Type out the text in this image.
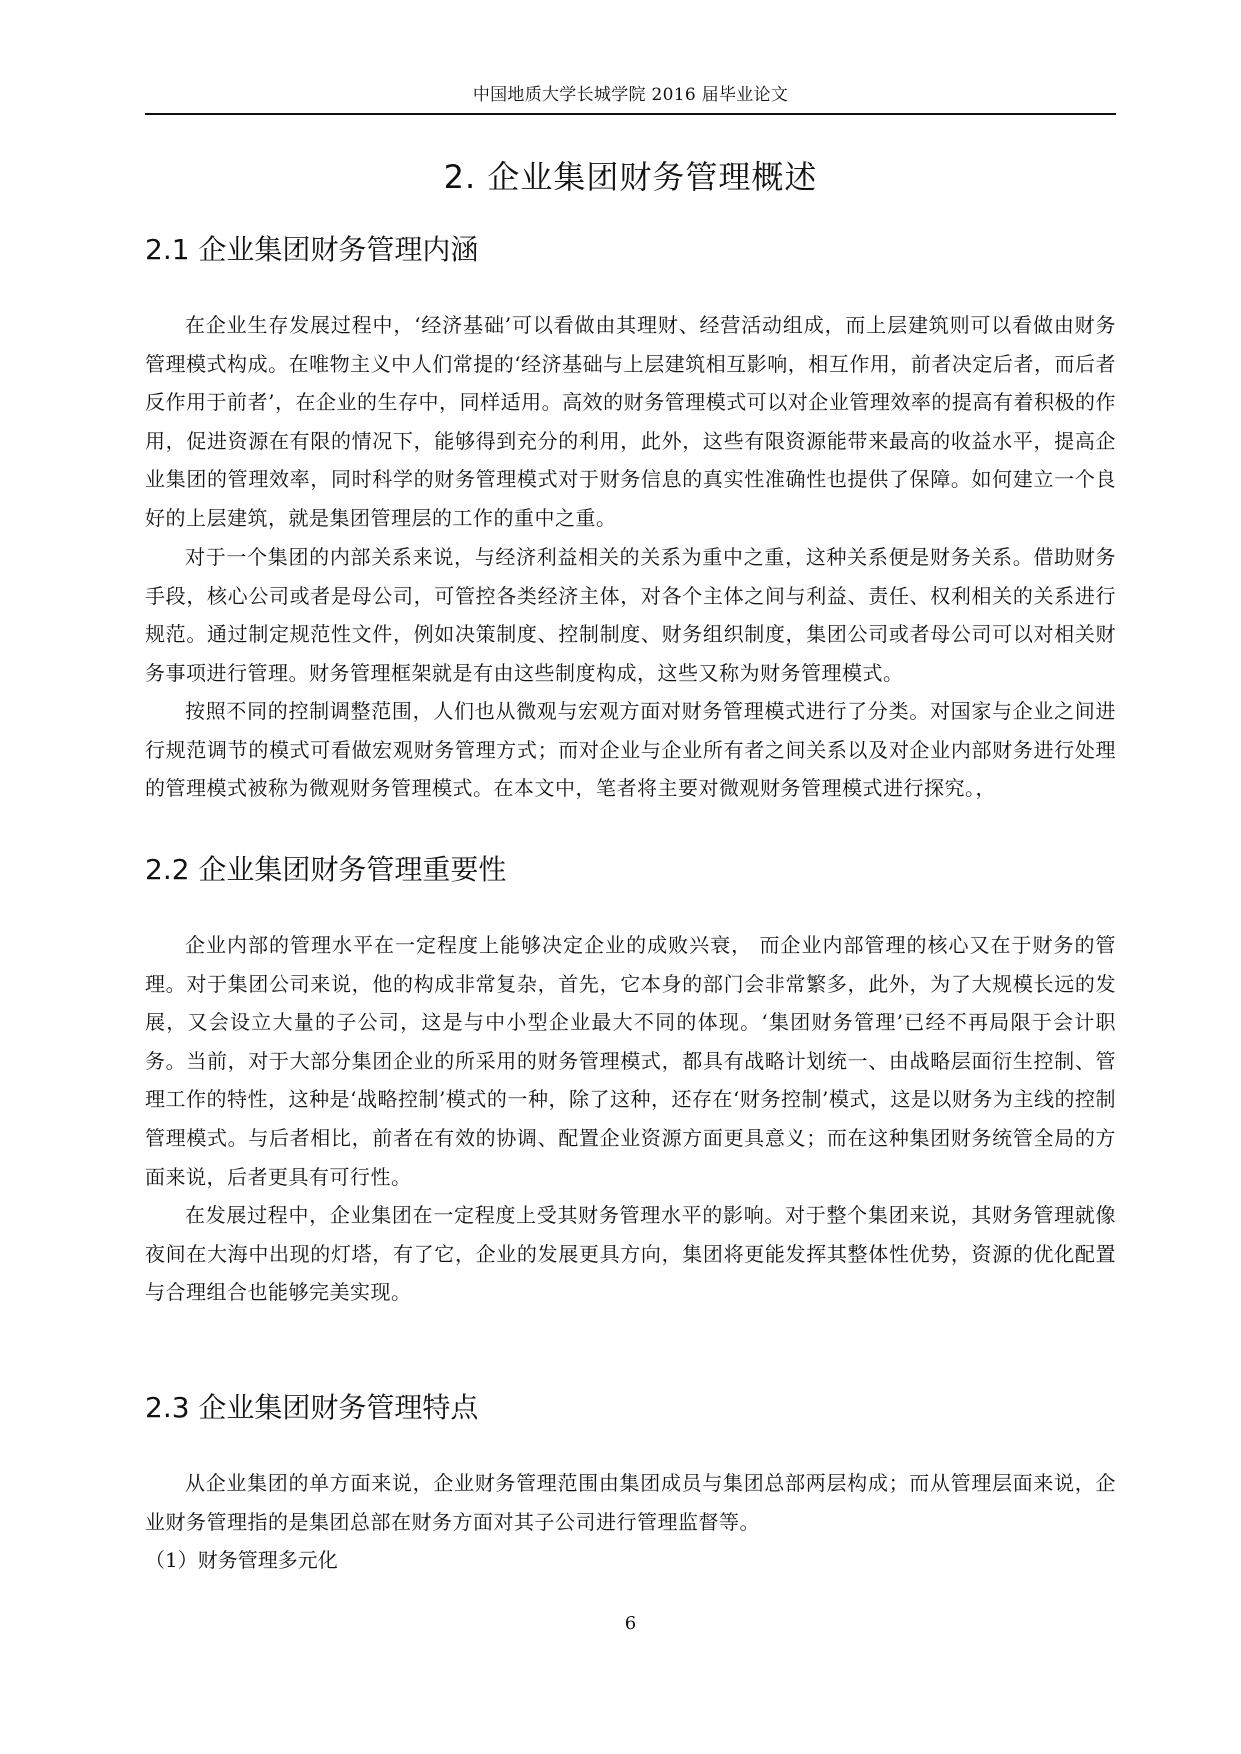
中国地质大学长城学院 2016 届毕业论文
2. 企业集团财务管理概述
2.1 企业集团财务管理内涵

在企业生存发展过程中，‘经济基础’可以看做由其理财、经营活动组成，而上层建筑则可以看做由财务管理模式构成。在唯物主义中人们常提的‘经济基础与上层建筑相互影响，相互作用，前者决定后者，而后者反作用于前者’，在企业的生存中，同样适用。高效的财务管理模式可以对企业管理效率的提高有着积极的作用，促进资源在有限的情况下，能够得到充分的利用，此外，这些有限资源能带来最高的收益水平，提高企业集团的管理效率，同时科学的财务管理模式对于财务信息的真实性准确性也提供了保障。如何建立一个良好的上层建筑，就是集团管理层的工作的重中之重。

对于一个集团的内部关系来说，与经济利益相关的关系为重中之重，这种关系便是财务关系。借助财务手段，核心公司或者是母公司，可管控各类经济主体，对各个主体之间与利益、责任、权利相关的关系进行规范。通过制定规范性文件，例如决策制度、控制制度、财务组织制度，集团公司或者母公司可以对相关财务事项进行管理。财务管理框架就是有由这些制度构成，这些又称为财务管理模式。

按照不同的控制调整范围，人们也从微观与宏观方面对财务管理模式进行了分类。对国家与企业之间进行规范调节的模式可看做宏观财务管理方式；而对企业与企业所有者之间关系以及对企业内部财务进行处理的管理模式被称为微观财务管理模式。在本文中，笔者将主要对微观财务管理模式进行探究。，

2.2 企业集团财务管理重要性

企业内部的管理水平在一定程度上能够决定企业的成败兴衰， 而企业内部管理的核心又在于财务的管理。对于集团公司来说，他的构成非常复杂，首先，它本身的部门会非常繁多，此外，为了大规模长远的发展，又会设立大量的子公司，这是与中小型企业最大不同的体现。‘集团财务管理’已经不再局限于会计职务。当前，对于大部分集团企业的所采用的财务管理模式，都具有战略计划统一、由战略层面衍生控制、管理工作的特性，这种是‘战略控制’模式的一种，除了这种，还存在‘财务控制’模式，这是以财务为主线的控制管理模式。与后者相比，前者在有效的协调、配置企业资源方面更具意义；而在这种集团财务统管全局的方面来说，后者更具有可行性。

在发展过程中，企业集团在一定程度上受其财务管理水平的影响。对于整个集团来说，其财务管理就像夜间在大海中出现的灯塔，有了它，企业的发展更具方向，集团将更能发挥其整体性优势，资源的优化配置与合理组合也能够完美实现。

2.3 企业集团财务管理特点

从企业集团的单方面来说，企业财务管理范围由集团成员与集团总部两层构成；而从管理层面来说，企业财务管理指的是集团总部在财务方面对其子公司进行管理监督等。

（1）财务管理多元化

6
